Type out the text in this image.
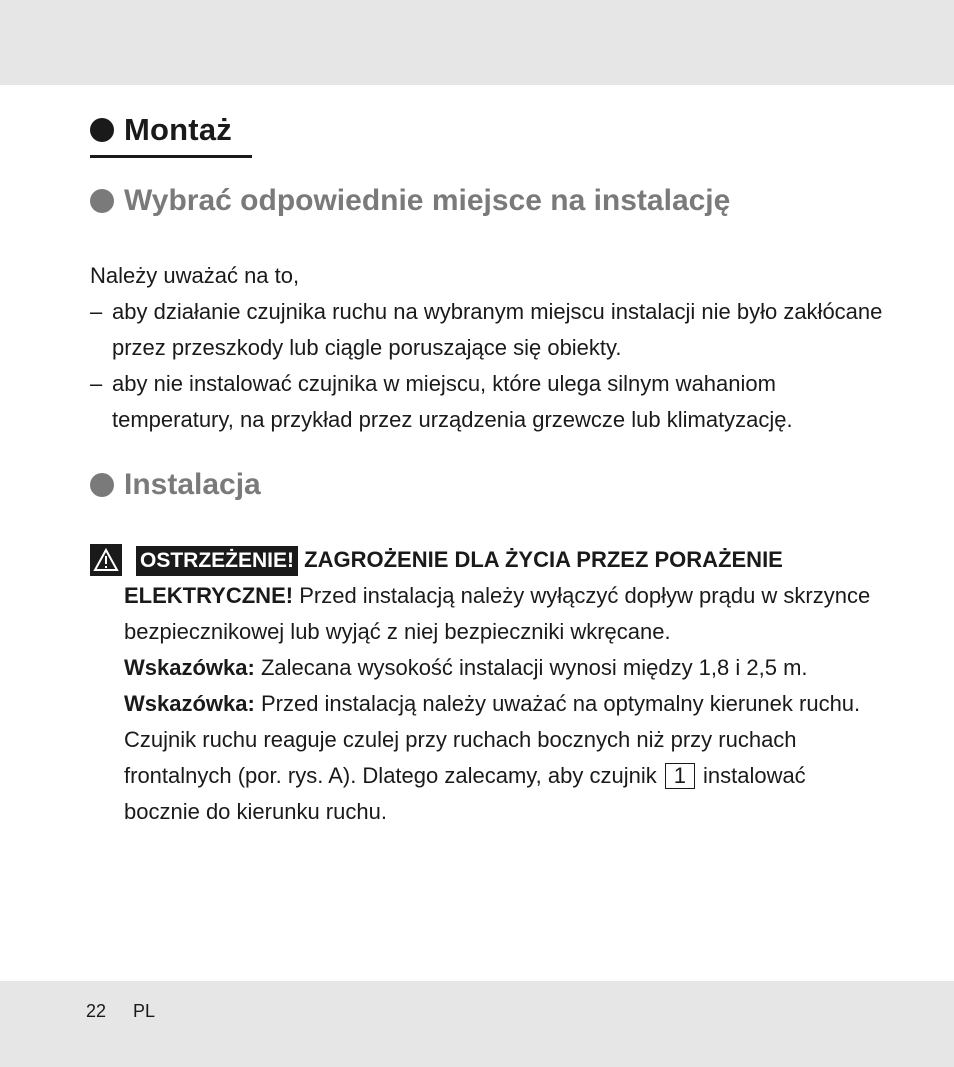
Montaż
Wybrać odpowiednie miejsce na instalację
Należy uważać na to,
– aby działanie czujnika ruchu na wybranym miejscu instalacji nie było zakłócane przez przeszkody lub ciągle poruszające się obiekty.
– aby nie instalować czujnika w miejscu, które ulega silnym wahaniom temperatury, na przykład przez urządzenia grzewcze lub klimatyzację.
Instalacja

OSTRZEŻENIE! ZAGROŻENIE DLA ŻYCIA PRZEZ PORAŻENIE ELEKTRYCZNE! Przed instalacją należy wyłączyć dopływ prądu w skrzynce bezpiecznikowej lub wyjąć z niej bezpieczniki wkręcane.

Wskazówka: Zalecana wysokość instalacji wynosi między 1,8 i 2,5 m.

Wskazówka: Przed instalacją należy uważać na optymalny kierunek ruchu. Czujnik ruchu reaguje czulej przy ruchach bocznych niż przy ruchach frontalnych (por. rys. A). Dlatego zalecamy, aby czujnik 1 instalować bocznie do kierunku ruchu.

22 PL
